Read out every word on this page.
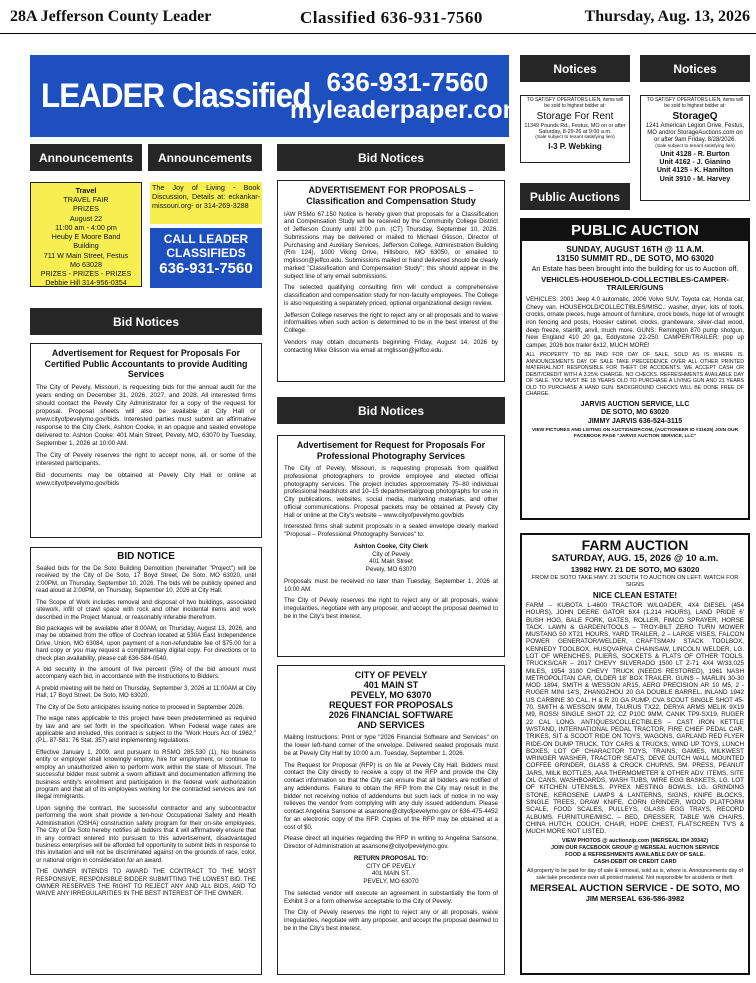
28A Jefferson County Leader	Classified 636-931-7560	Thursday, Aug. 13, 2026
LEADER Classified 636-931-7560
myleaderpaper.com
Announcements
Travel
TRAVEL FAIR
PRIZES
August 22
11:00 am - 4:00 pm
Heuby E Moore Band
Building
711 W Main Street, Festus
Mo 63028
PRIZES - PRIZES - PRIZES
Debbie Hill 314-956-0354
Bid Notices
Advertisement for Request for Proposals For Certified Public Accountants to provide Auditing Services

The City of Pevely, Missouri, is requesting bids for the annual audit for the years ending on December 31, 2026, 2027, and 2028. All interested firms should contact the Pevely City Administrator for a copy of the request for proposal. Proposal sheets will also be available at City Hall or www.cityofpevelymo.gov/bids. Interested parties must submit an affirmative response to the City Clerk, Ashton Cooke, in an opaque and sealed envelope delivered to: Ashton Cooke: 401 Main Street, Pevely, MO, 63070 by Tuesday, September 1, 2026 at 10:00 AM.

The City of Pevely reserves the right to accept none, all, or some of the interested participants.

Bid documents may be obtained at Pevely City Hall or online at www.cityofpevelymo.gov/bids

BID NOTICE

Sealed bids for the De Soto Building Demolition (hereinafter "Project") will be received by the City of De Soto, 17 Boyd Street, De Soto, MO 63020, until 2:00PM, on Thursday, September 10, 2026. The bids will be publicly opened and read aloud at 2:00PM, on Thursday, September 10, 2026 at City Hall.

The Scope of Work includes removal and disposal of two buildings, associated sitework, infill of crawl space with rock and other incidental items and work described in the Project Manual, or reasonably inferable therefrom.

Bid packages will be available after 8:00AM, on Thursday, August 13, 2026, and may be obtained from the office of Cochran located at 530A East Independence Drive, Union, MO 63084, upon payment of a non-refundable fee of $75.00 for a hard copy or you may request a complimentary digital copy. For directions or to check plan availability, please call 636-584-0540.

A bid security in the amount of five percent (5%) of the bid amount must accompany each bid, in accordance with the Instructions to Bidders.

A prebid meeting will be held on Thursday, September 3, 2026 at 11:00AM at City Hall, 17 Boyd Street, De Soto, MO 63020.

The City of De Soto anticipates issuing notice to proceed in September 2026.

The wage rates applicable to this project have been predetermined as required by law and are set forth in the specification. When Federal wage rates are applicable and included, this contract is subject to the "Work Hours Act of 1962," (P.L. 87-581: 76 Stat. 357) and implementing regulations.

Effective January 1, 2009, and pursuant to RSMO 285.530 (1), No business entity or employer shall knowingly employ, hire for employment, or continue to employ an unauthorized alien to perform work within the state of Missouri. The successful bidder must submit a sworn affidavit and documentation affirming the business entity's enrollment and participation in the federal work authorization program and that all of its employees working for the contracted services are not illegal immigrants.

Upon signing the contract, the successful contractor and any subcontractor performing the work shall provide a ten-hour Occupational Safety and Health Administration (OSHA) construction safety program for their on-site employees. The City of De Soto hereby notifies all bidders that it will affirmatively ensure that in any contract entered into pursuant to this advertisement, disadvantaged business enterprises will be afforded full opportunity to submit bids in response to this invitation and will not be discriminated against on the grounds of race, color, or national origin in consideration for an award.

THE OWNER INTENDS TO AWARD THE CONTRACT TO THE MOST RESPONSIVE, RESPONSIBLE BIDDER SUBMITTING THE LOWEST BID. THE OWNER RESERVES THE RIGHT TO REJECT ANY AND ALL BIDS, AND TO WAIVE ANY IRREGULARITIES IN THE BEST INTEREST OF THE OWNER.

Announcements
The Joy of Living - Book Discussion, Details at: eckankar-missouri.org- or 314-269-3288
CALL LEADER
CLASSIFIEDS
636-931-7560
Bid Notices
ADVERTISEMENT FOR PROPOSALS – Classification and Compensation Study

IAW RSMo 67.150 Notice is hereby given that proposals for a Classification and Compensation Study will be received by the Community College District of Jefferson County until 2:00 p.m. (CT) Thursday, September 10, 2026. Submissions may be delivered or mailed to Michael Glisson, Director of Purchasing and Auxiliary Services, Jefferson College, Administration Building (Rm 124), 1000 Viking Drive, Hillsboro, MO 63050, or emailed to mglisson@jeffco.edu. Submissions mailed or hand delivered should be clearly marked "Classification and Compensation Study"; this should appear in the subject line of any email submissions.

The selected qualifying consulting firm will conduct a comprehensive classification and compensation study for non-faculty employees. The College is also requesting a separately priced, optional organizational design review.

Jefferson College reserves the right to reject any or all proposals and to waive informalities when such action is determined to be in the best interest of the College.

Vendors may obtain documents beginning Friday, August 14, 2026 by contacting Mike Glisson via email at mglisson@jeffco.edu.

Bid Notices
Advertisement for Request for Proposals For Professional Photography Services

The City of Pevely, Missouri, is requesting proposals from qualified professional photographers to provide employee and elected official photography services. The project includes approximately 75–80 individual professional headshots and 10–15 departmental/group photographs for use in City publications, websites, social media, marketing materials, and other official communications. Proposal packets may be obtained at Pevely City Hall or online at the City's website – www.cityofpevelymo.gov/bids

Interested firms shall submit proposals in a sealed envelope clearly marked "Proposal – Professional Photography Services" to:

Ashton Cooke, City Clerk
City of Pevely
401 Main Street
Pevely, MO 63070

Proposals must be received no later than Tuesday, September 1, 2026 at 10:00 AM.

The City of Pevely reserves the right to reject any or all proposals, waive irregularities, negotiate with any proposer, and accept the proposal deemed to be in the City's best interest.

CITY OF PEVELY
401 MAIN ST
PEVELY, MO 63070
REQUEST FOR PROPOSALS
2026 FINANCIAL SOFTWARE
AND SERVICES

Mailing Instructions: Print or type "2026 Financial Software and Services" on the lower left-hand corner of the envelope. Delivered sealed proposals must be at Pevely City Hall by 10:00 a.m. Tuesday, September 1, 2026.

The Request for Proposal (RFP) is on file at Pevely City Hall. Bidders must contact the City directly to receive a copy of the RFP and provide the City contact information so that the City can ensure that all bidders are notified of any addendums. Failure to obtain the RFP from the City may result in the bidder not receiving notice of addendums but such lack of notice in no way relieves the vendor from complying with any duly issued addendum. Please contact Angelina Sansone at asansone@cityofpevelymo.gov or 636-475-4452 for an electronic copy of the RFP. Copies of the RFP may be obtained at a cost of $0.

Please direct all inquiries regarding the RFP in writing to Angelina Sansone, Director of Administration at asansone@cityofpevelymo.gov.

RETURN PROPOSAL TO:
CITY OF PEVELY
401 MAIN ST.
PEVELY, MO 63070

The selected vendor will execute an agreement in substantially the form of Exhibit 3 or a form otherwise acceptable to the City of Pevely.

The City of Pevely reserves the right to reject any or all proposals, waive irregularities, negotiate with any proposer, and accept the proposal deemed to be in the City's best interest.

Notices	Notices
TO SATISFY OPERATORS LIEN, items will be sold to highest bidder at:
Storage For Rent
11349 Pounds Rd., Festus, MO on or after Saturday, 8-29-26 at 9:00 a.m.
(Sale subject to tenant satisfying lien)
I-3 P. Webking
TO SATISFY OPERATORS LIEN, items will be sold to highest bidder at:
StorageQ
1241 American Legion Drive, Festus, MO and/or StorageAuctions.com on or after 9am Friday, 8/28/2026.
(Sale subject to tenant satisfying lien)
Unit 4128 - R. Burton
Unit 4162 - J. Gianino
Unit 4125 - K. Hamilton
Unit 3910 - M. Harvey
Public Auctions
PUBLIC AUCTION
SUNDAY, AUGUST 16TH @ 11 A.M.
13150 SUMMIT RD., DE SOTO, MO 63020
An Estate has been brought into the building for us to Auction off.
VEHICLES-HOUSEHOLD-COLLECTIBLES-CAMPER-TRAILER/GUNS
VEHICLES: 2001 Jeep 4.0 automatic, 2006 Volvo SUV, Toyota car, Honda car, Chevy van. HOUSEHOLD/COLLECTIBLES/MISC.: washer, dryer, lots of tools, crocks, ornate pieces, huge amount of furniture, crock bowls, huge lot of wrought iron fencing and posts, Hoosier cabinet, clocks, graniteware, silver-clad wood, deep freeze, stairlift, anvil, much more. GUNS: Remington 870 pump shotgun, New England 410 20 ga, Eddystone 22-250. CAMPER/TRAILER: pop up camper, 2026 box trailer 6x12, MUCH MORE!
ALL PROPERTY TO BE PAID FOR DAY OF SALE, SOLD AS IS WHERE IS. ANNOUNCEMENTS DAY OF SALE TAKE PRECEDENCE OVER ALL OTHER PRINTED MATERIAL.NOT RESPONSIBLE FOR THEFT OR ACCIDENTS. WE ACCEPT CASH OR DEBIT/CREDIT WITH A 3.25% CHARGE. NO CHECKS. REFRESHMENTS AVAILABLE DAY OF SALE. YOU MUST BE 18 YEARS OLD TO PURCHASE A LIVING GUN AND 21 YEARS OLD TO PURCHASE A HAND GUN. BACKGROUND CHECKS WILL BE DONE FREE OF CHARGE.
JARVIS AUCTION SERVICE, LLC
DE SOTO, MO 63020
JIMMY JARVIS 636-524-3115
VIEW PICTURES AND LISTING ON AUCTIONZIP.COM, (AUCTIONEER ID #31625) JOIN OUR FACEBOOK PAGE "JARVIS AUCTION SERVICE, LLC"
FARM AUCTION
SATURDAY, AUG. 15, 2026 @ 10 a.m.
13982 HWY. 21 DE SOTO, MO 63020
FROM DE SOTO TAKE HWY. 21 SOUTH TO AUCTION ON LEFT. WATCH FOR SIGNS
NICE CLEAN ESTATE!
FARM – KUBOTA L-4600 TRACTOR W/LOADER, 4X4 DIESEL (454 HOURS), JOHN DEERE GATOR 6X4 (1,214 HOURS), LAND PRIDE 6' BUSH HOG, BALE FORK, GATES, ROLLER, FIMCO SPRAYER, HORSE TACK. LAWN & GARDEN/TOOLS – TROY-BILT ZERO TURN MOWER MUSTANG 50 XT21 HOURS, YARD TRAILER, 2 – LARGE VISES, FALCON POWER GENERATOR/WELDER, CRAFTSMAN STACK TOOLBOX, KENNEDY TOOLBOX, HUSQVARNA CHAINSAW, LINCOLN WELDER, LG. LOT OF WRENCHES, PLIERS, SOCKETS & FLATS OF OTHER TOOLS. TRUCKS/CAR – 2017 CHEVY SILVERADO 1500 LT Z-71 4X4 W/33,025 MILES, 1954 3100 CHEVY TRUCK (NEEDS RESTORED), 1961 NASH METROPOLITAN CAR, OLDER 18' BOX TRAILER. GUNS – MARLIN 30-30 MOD 1894, SMITH & WESSON AR15, AERO PRECISION AR 10 M5, 2 - RUGER MINI 14'S, ZHANGZHOU 20 GA DOUBLE BARREL, INLAND 1942 US CARBINE 30 CAL, H & R 20 GA PUMP, CVA SCOUT SINGLE SHOT 45-70, SMITH & WESSON 9MM, TAURUS TX22, DERYA ARMS MELIK 9X19 M9, ROSSI SINGLE SHOT 22, CZ P10C 9MM, CANIK TP9-SX19, RUGER 22 CAL LONG. ANTIQUES/COLLECTIBLES – CAST IRON KETTLE W/STAND, INTERNATIONAL PEDAL TRACTOR, FIRE CHIEF PEDAL CAR, TRIKES, SIT & SCOOT RIDE ON TOYS, WAGONS, GARLAND RED FLYER RIDE-ON DUMP TRUCK, TOY CARS & TRUCKS, WIND UP TOYS, LUNCH BOXES, LOT OF CHARACTOR TOYS, TRAINS, GAMES, MILKWEST WRINGER WASHER, TRACTOR SEATS, DEVE DUTCH WALL MOUNTED COFFEE GRINDER, GLASS & CROCK CHURNS, SM. PRESS, PEANUT JARS, MILK BOTTLES, AAA THERMOMETER & OTHER ADV. ITEMS, SITE OIL CANS, WASHBOARDS, WASH TUBS, WIRE EGG BASKETS, LG. LOT OF KITCHEN UTENSILS, PYREX NESTING BOWLS, LG. GRINDING STONE, KEROSENE LAMPS & LANTERNS, SIGNS, KNIFE BLOCKS, SINGLE TREES, DRAW KNIFE, CORN GRINDER, WOOD PLATFORM SCALE, FOOD SCALES, PULLEYS, GLASS EGG TRAYS, RECORD ALBUMS. FURNITURE/MISC. – BED, DRESSER, TABLE W/6 CHAIRS, CHINA HUTCH, COUCH, CHAIR, HOPE CHEST, FLATSCREEN TV'S & MUCH MORE NOT LISTED.
VIEW PHOTOS @ auctionzip.com (MERSEAL ID# 39342)
JOIN OUR FACEBOOK GROUP @ MERSEAL AUCTION SERVICE
FOOD & REFRESHMENTS AVAILABLE DAY OF SALE.
CASH-DEBIT OR CREDIT CARD
All property to be paid for day of sale & removal, sold as is, where is. Announcements day of sale take precedence over all printed material. Not responsible for accidents or theft.
MERSEAL AUCTION SERVICE - DE SOTO, MO
JIM MERSEAL 636-586-3982
